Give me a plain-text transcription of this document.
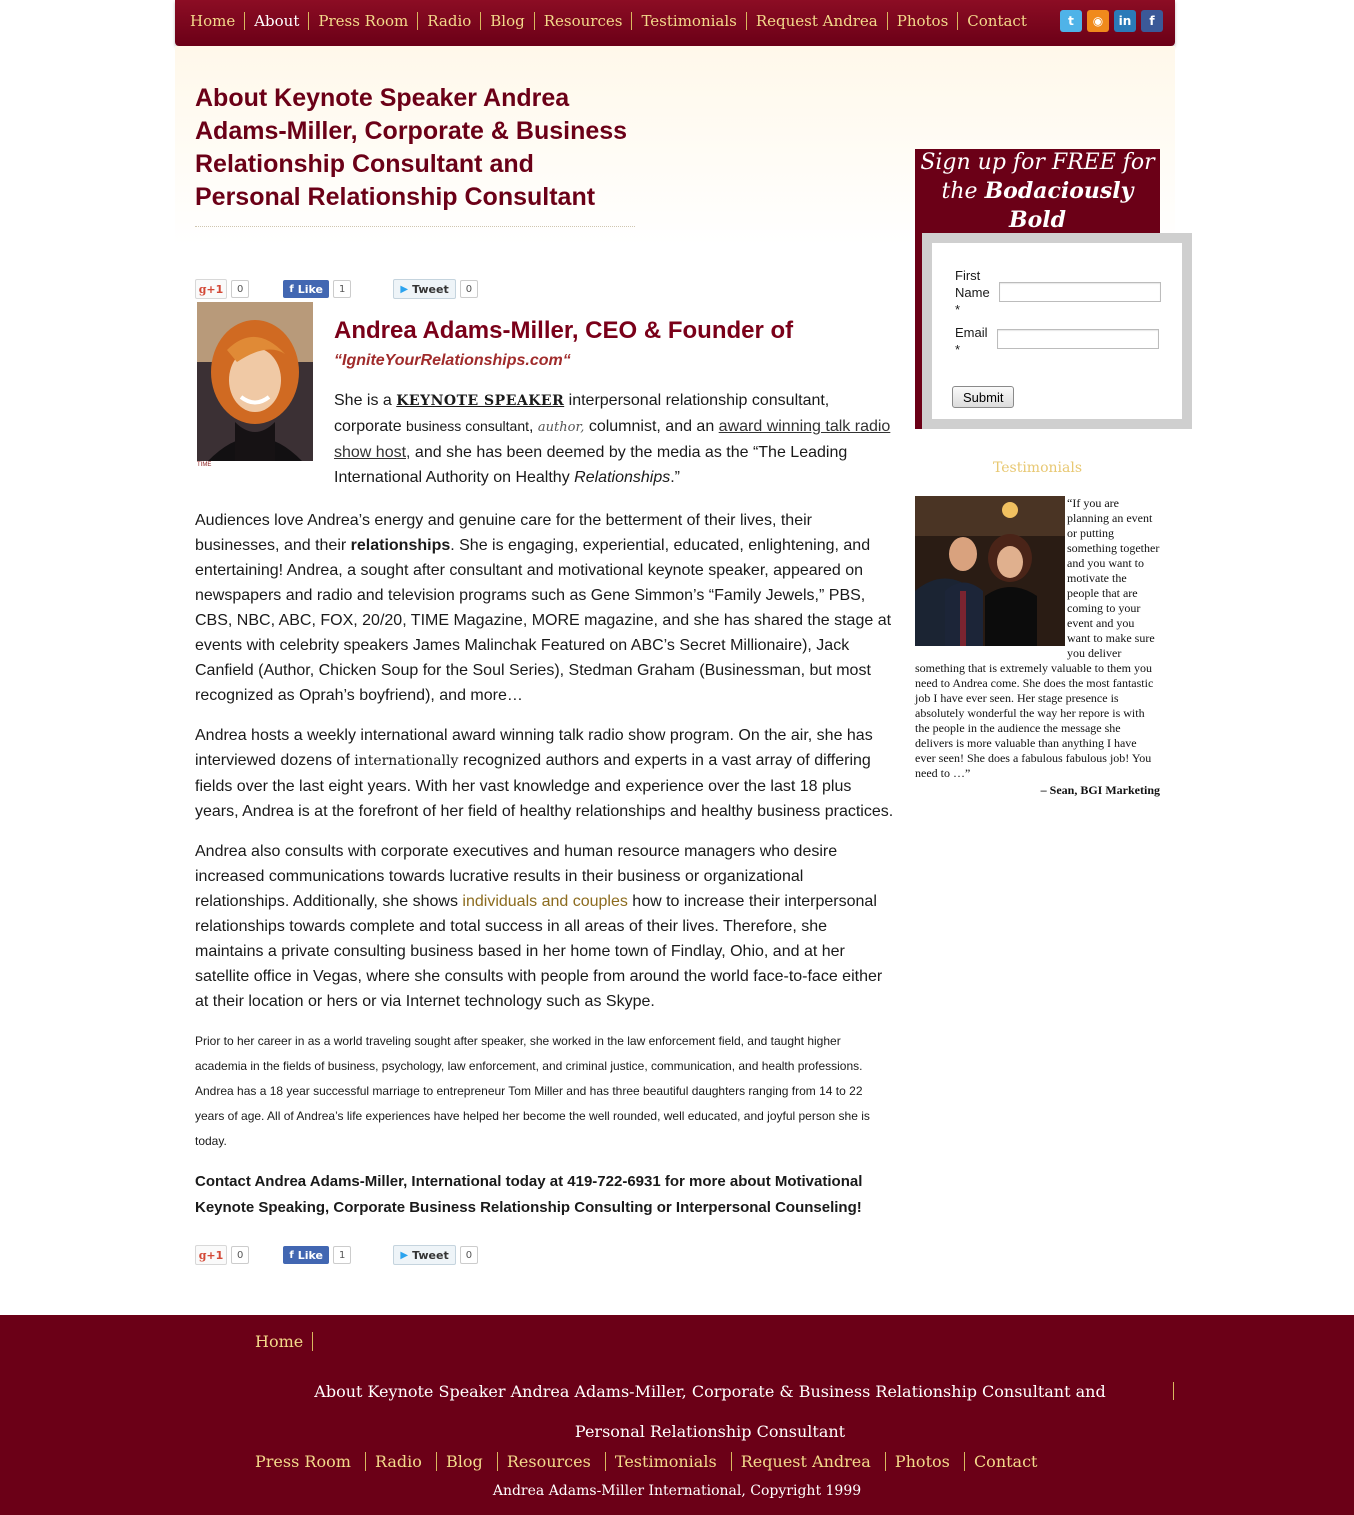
Home	About	Press Room	Radio	Blog	Resources	Testimonials	Request Andrea	Photos	Contact	t	◉	in	f
About Keynote Speaker Andrea Adams-Miller, Corporate & Business Relationship Consultant and Personal Relationship Consultant
g +1	0	f Like	1	▶ Tweet	0
TIME
Andrea Adams-Miller, CEO & Founder of
“IgniteYourRelationships.com“

She is a KEYNOTE SPEAKER interpersonal relationship consultant, corporate business consultant, author, columnist, and an award winning talk radio show host, and she has been deemed by the media as the “The Leading International Authority on Healthy Relationships.”

Audiences love Andrea’s energy and genuine care for the betterment of their lives, their businesses, and their relationships. She is engaging, experiential, educated, enlightening, and entertaining! Andrea, a sought after consultant and motivational keynote speaker, appeared on newspapers and radio and television programs such as Gene Simmon’s “Family Jewels,” PBS, CBS, NBC, ABC, FOX, 20/20, TIME Magazine, MORE magazine, and she has shared the stage at events with celebrity speakers James Malinchak Featured on ABC’s Secret Millionaire), Jack Canfield (Author, Chicken Soup for the Soul Series), Stedman Graham (Businessman, but most recognized as Oprah’s boyfriend), and more…

Andrea hosts a weekly international award winning talk radio show program. On the air, she has interviewed dozens of internationally recognized authors and experts in a vast array of differing fields over the last eight years. With her vast knowledge and experience over the last 18 plus years, Andrea is at the forefront of her field of healthy relationships and healthy business practices.

Andrea also consults with corporate executives and human resource managers who desire increased communications towards lucrative results in their business or organizational relationships. Additionally, she shows individuals and couples how to increase their interpersonal relationships towards complete and total success in all areas of their lives. Therefore, she maintains a private consulting business based in her home town of Findlay, Ohio, and at her satellite office in Vegas, where she consults with people from around the world face-to-face either at their location or hers or via Internet technology such as Skype.

Prior to her career in as a world traveling sought after speaker, she worked in the law enforcement field, and taught higher academia in the fields of business, psychology, law enforcement, and criminal justice, communication, and health professions. Andrea has a 18 year successful marriage to entrepreneur Tom Miller and has three beautiful daughters ranging from 14 to 22 years of age. All of Andrea’s life experiences have helped her become the well rounded, well educated, and joyful person she is today.

Contact Andrea Adams-Miller, International today at 419-722-6931 for more about Motivational Keynote Speaking, Corporate Business Relationship Consulting or Interpersonal Counseling!

g +1	0	f Like	1	▶ Tweet	0
Sign up for FREE for
the Bodaciously Bold
First
Name
*
Email
*
Submit
Testimonials
“If you are planning an event or putting something together and you want to motivate the people that are coming to your event and you want to make sure you deliver something that is extremely valuable to them you need to Andrea come. She does the most fantastic job I have ever seen. Her stage presence is absolutely wonderful the way her repore is with the people in the audience the message she delivers is more valuable than anything I have ever seen! She does a fabulous fabulous job! You need to …”
– Sean, BGI Marketing
Home
About Keynote Speaker Andrea Adams-Miller, Corporate & Business Relationship Consultant and Personal Relationship Consultant
Press Room Radio Blog Resources Testimonials Request Andrea Photos Contact
Andrea Adams-Miller International, Copyright 1999
